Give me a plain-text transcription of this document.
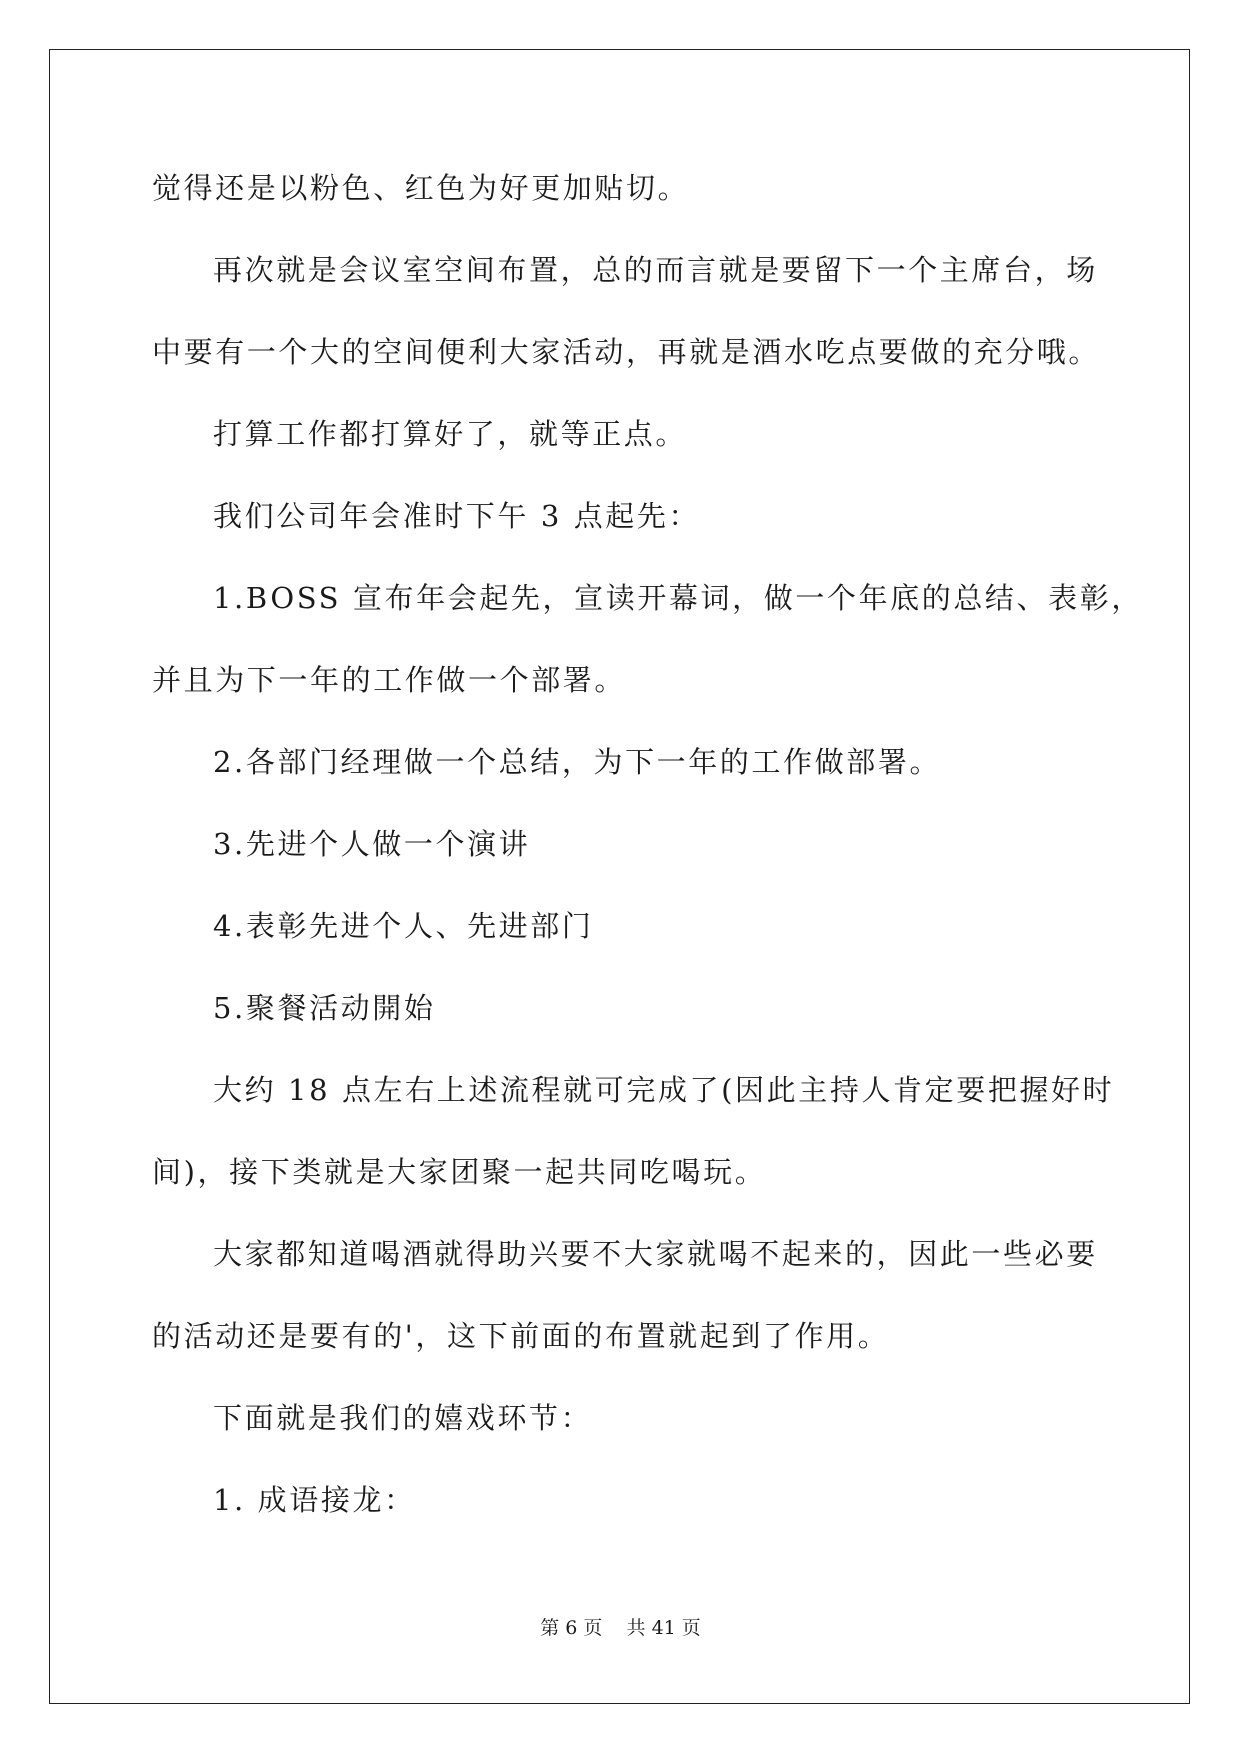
觉得还是以粉色、红色为好更加贴切。
再次就是会议室空间布置，总的而言就是要留下一个主席台，场
中要有一个大的空间便利大家活动，再就是酒水吃点要做的充分哦。
打算工作都打算好了，就等正点。
我们公司年会准时下午 3 点起先：
1.BOSS 宣布年会起先，宣读开幕词，做一个年底的总结、表彰，
并且为下一年的工作做一个部署。
2.各部门经理做一个总结，为下一年的工作做部署。
3.先进个人做一个演讲
4.表彰先进个人、先进部门
5.聚餐活动開始
大约 18 点左右上述流程就可完成了(因此主持人肯定要把握好时
间)，接下类就是大家团聚一起共同吃喝玩。
大家都知道喝酒就得助兴要不大家就喝不起来的，因此一些必要
的活动还是要有的'，这下前面的布置就起到了作用。
下面就是我们的嬉戏环节：
1. 成语接龙：
第 6 页    共 41 页
